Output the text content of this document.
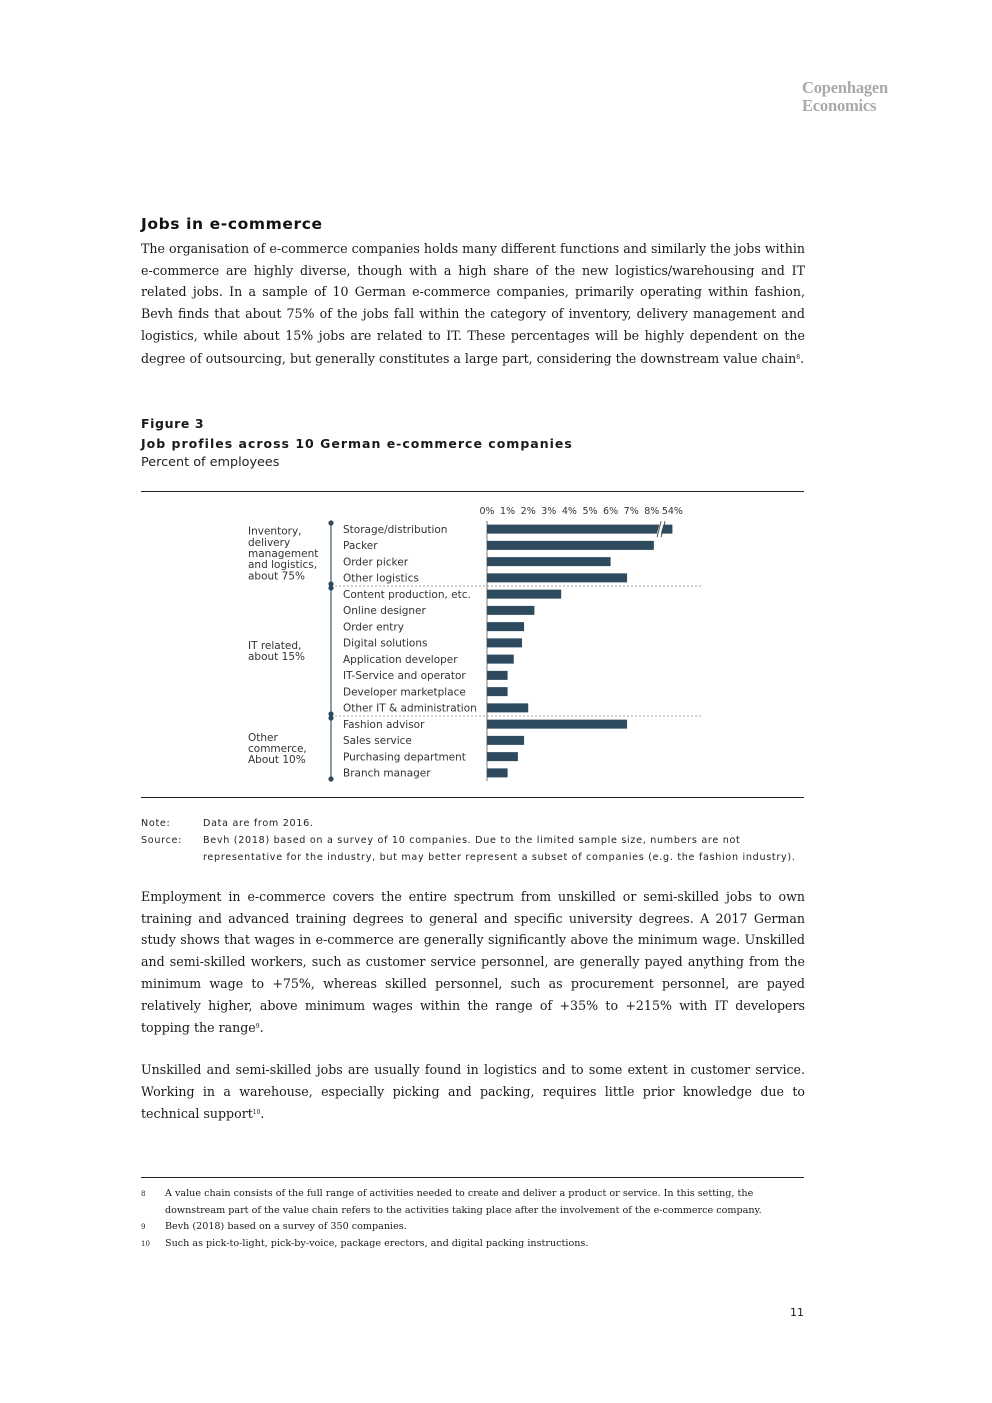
Copenhagen
Economics
Jobs in e-commerce

The organisation of e-commerce companies holds many different functions and similarly the jobs within e-commerce are highly diverse, though with a high share of the new logistics/warehousing and IT related jobs. In a sample of 10 German e-commerce companies, primarily operating within fashion, Bevh finds that about 75% of the jobs fall within the category of inventory, delivery management and logistics, while about 15% jobs are related to IT. These percentages will be highly dependent on the degree of outsourcing, but generally constitutes a large part, considering the downstream value chain$^8$.

Figure 3
Job profiles across 10 German e-commerce companies
Percent of employees
0% 1% 2% 3% 4% 5% 6% 7% 8% 54%
Storage/distribution
Packer
Order picker
Other logistics
Content production, etc.
Online designer
Order entry
Digital solutions
Application developer
IT-Service and operator
Developer marketplace
Other IT & administration
Fashion advisor
Sales service
Purchasing department
Branch manager
Inventory,
delivery
management
and logistics,
about 75%
IT related,
about 15%
Other
commerce,
About 10%
Note:	Data are from 2016.
Source:	Bevh (2018) based on a survey of 10 companies. Due to the limited sample size, numbers are not representative for the industry, but may better represent a subset of companies (e.g. the fashion industry).

Employment in e-commerce covers the entire spectrum from unskilled or semi-skilled jobs to own training and advanced training degrees to general and specific university degrees. A 2017 German study shows that wages in e-commerce are generally significantly above the minimum wage. Unskilled and semi-skilled workers, such as customer service personnel, are generally payed anything from the minimum wage to +75%, whereas skilled personnel, such as procurement personnel, are payed relatively higher, above minimum wages within the range of +35% to +215% with IT developers topping the range$^9$.

Unskilled and semi-skilled jobs are usually found in logistics and to some extent in customer service. Working in a warehouse, especially picking and packing, requires little prior knowledge due to technical support$^{10}$.

8	A value chain consists of the full range of activities needed to create and deliver a product or service. In this setting, the downstream part of the value chain refers to the activities taking place after the involvement of the e-commerce company.
9	Bevh (2018) based on a survey of 350 companies.
10	Such as pick-to-light, pick-by-voice, package erectors, and digital packing instructions.
11
